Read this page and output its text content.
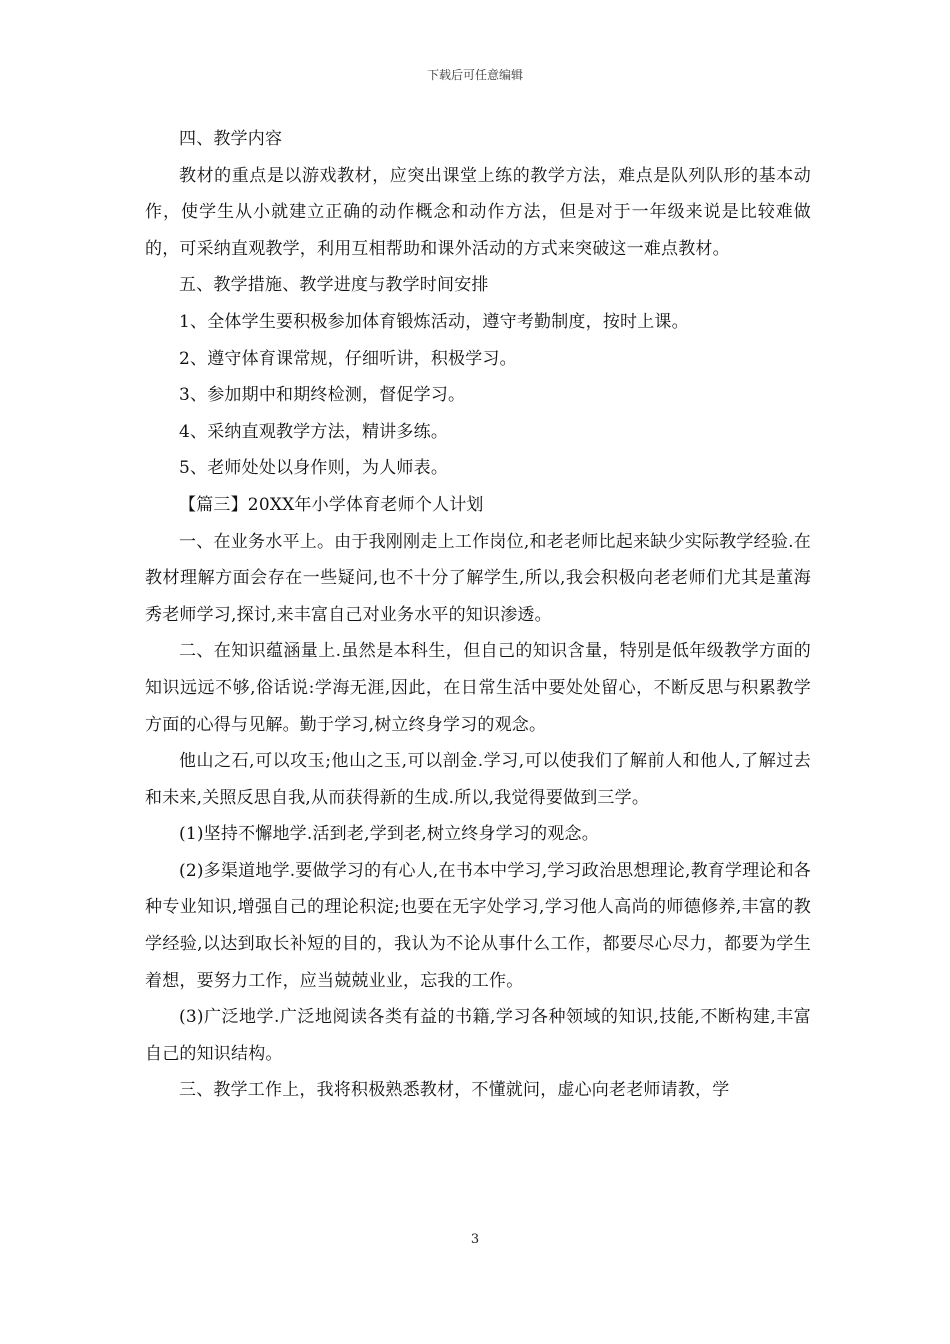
下载后可任意编辑

四、教学内容

教材的重点是以游戏教材，应突出课堂上练的教学方法，难点是队列队形的基本动作，使学生从小就建立正确的动作概念和动作方法，但是对于一年级来说是比较难做的，可采纳直观教学，利用互相帮助和课外活动的方式来突破这一难点教材。

五、教学措施、教学进度与教学时间安排

1、全体学生要积极参加体育锻炼活动，遵守考勤制度，按时上课。

2、遵守体育课常规，仔细听讲，积极学习。

3、参加期中和期终检测，督促学习。

4、采纳直观教学方法，精讲多练。

5、老师处处以身作则，为人师表。

【篇三】20XX年小学体育老师个人计划

一、在业务水平上。由于我刚刚走上工作岗位,和老老师比起来缺少实际教学经验.在教材理解方面会存在一些疑问,也不十分了解学生,所以,我会积极向老老师们尤其是董海秀老师学习,探讨,来丰富自己对业务水平的知识渗透。

二、在知识蕴涵量上.虽然是本科生，但自己的知识含量，特别是低年级教学方面的知识远远不够,俗话说:学海无涯,因此，在日常生活中要处处留心，不断反思与积累教学方面的心得与见解。勤于学习,树立终身学习的观念。

他山之石,可以攻玉;他山之玉,可以剖金.学习,可以使我们了解前人和他人,了解过去和未来,关照反思自我,从而获得新的生成.所以,我觉得要做到三学。

(1)坚持不懈地学.活到老,学到老,树立终身学习的观念。

(2)多渠道地学.要做学习的有心人,在书本中学习,学习政治思想理论,教育学理论和各种专业知识,增强自己的理论积淀;也要在无字处学习,学习他人高尚的师德修养,丰富的教学经验,以达到取长补短的目的，我认为不论从事什么工作，都要尽心尽力，都要为学生着想，要努力工作，应当兢兢业业，忘我的工作。

(3)广泛地学.广泛地阅读各类有益的书籍,学习各种领域的知识,技能,不断构建,丰富自己的知识结构。

三、教学工作上，我将积极熟悉教材，不懂就问，虚心向老老师请教，学

3
